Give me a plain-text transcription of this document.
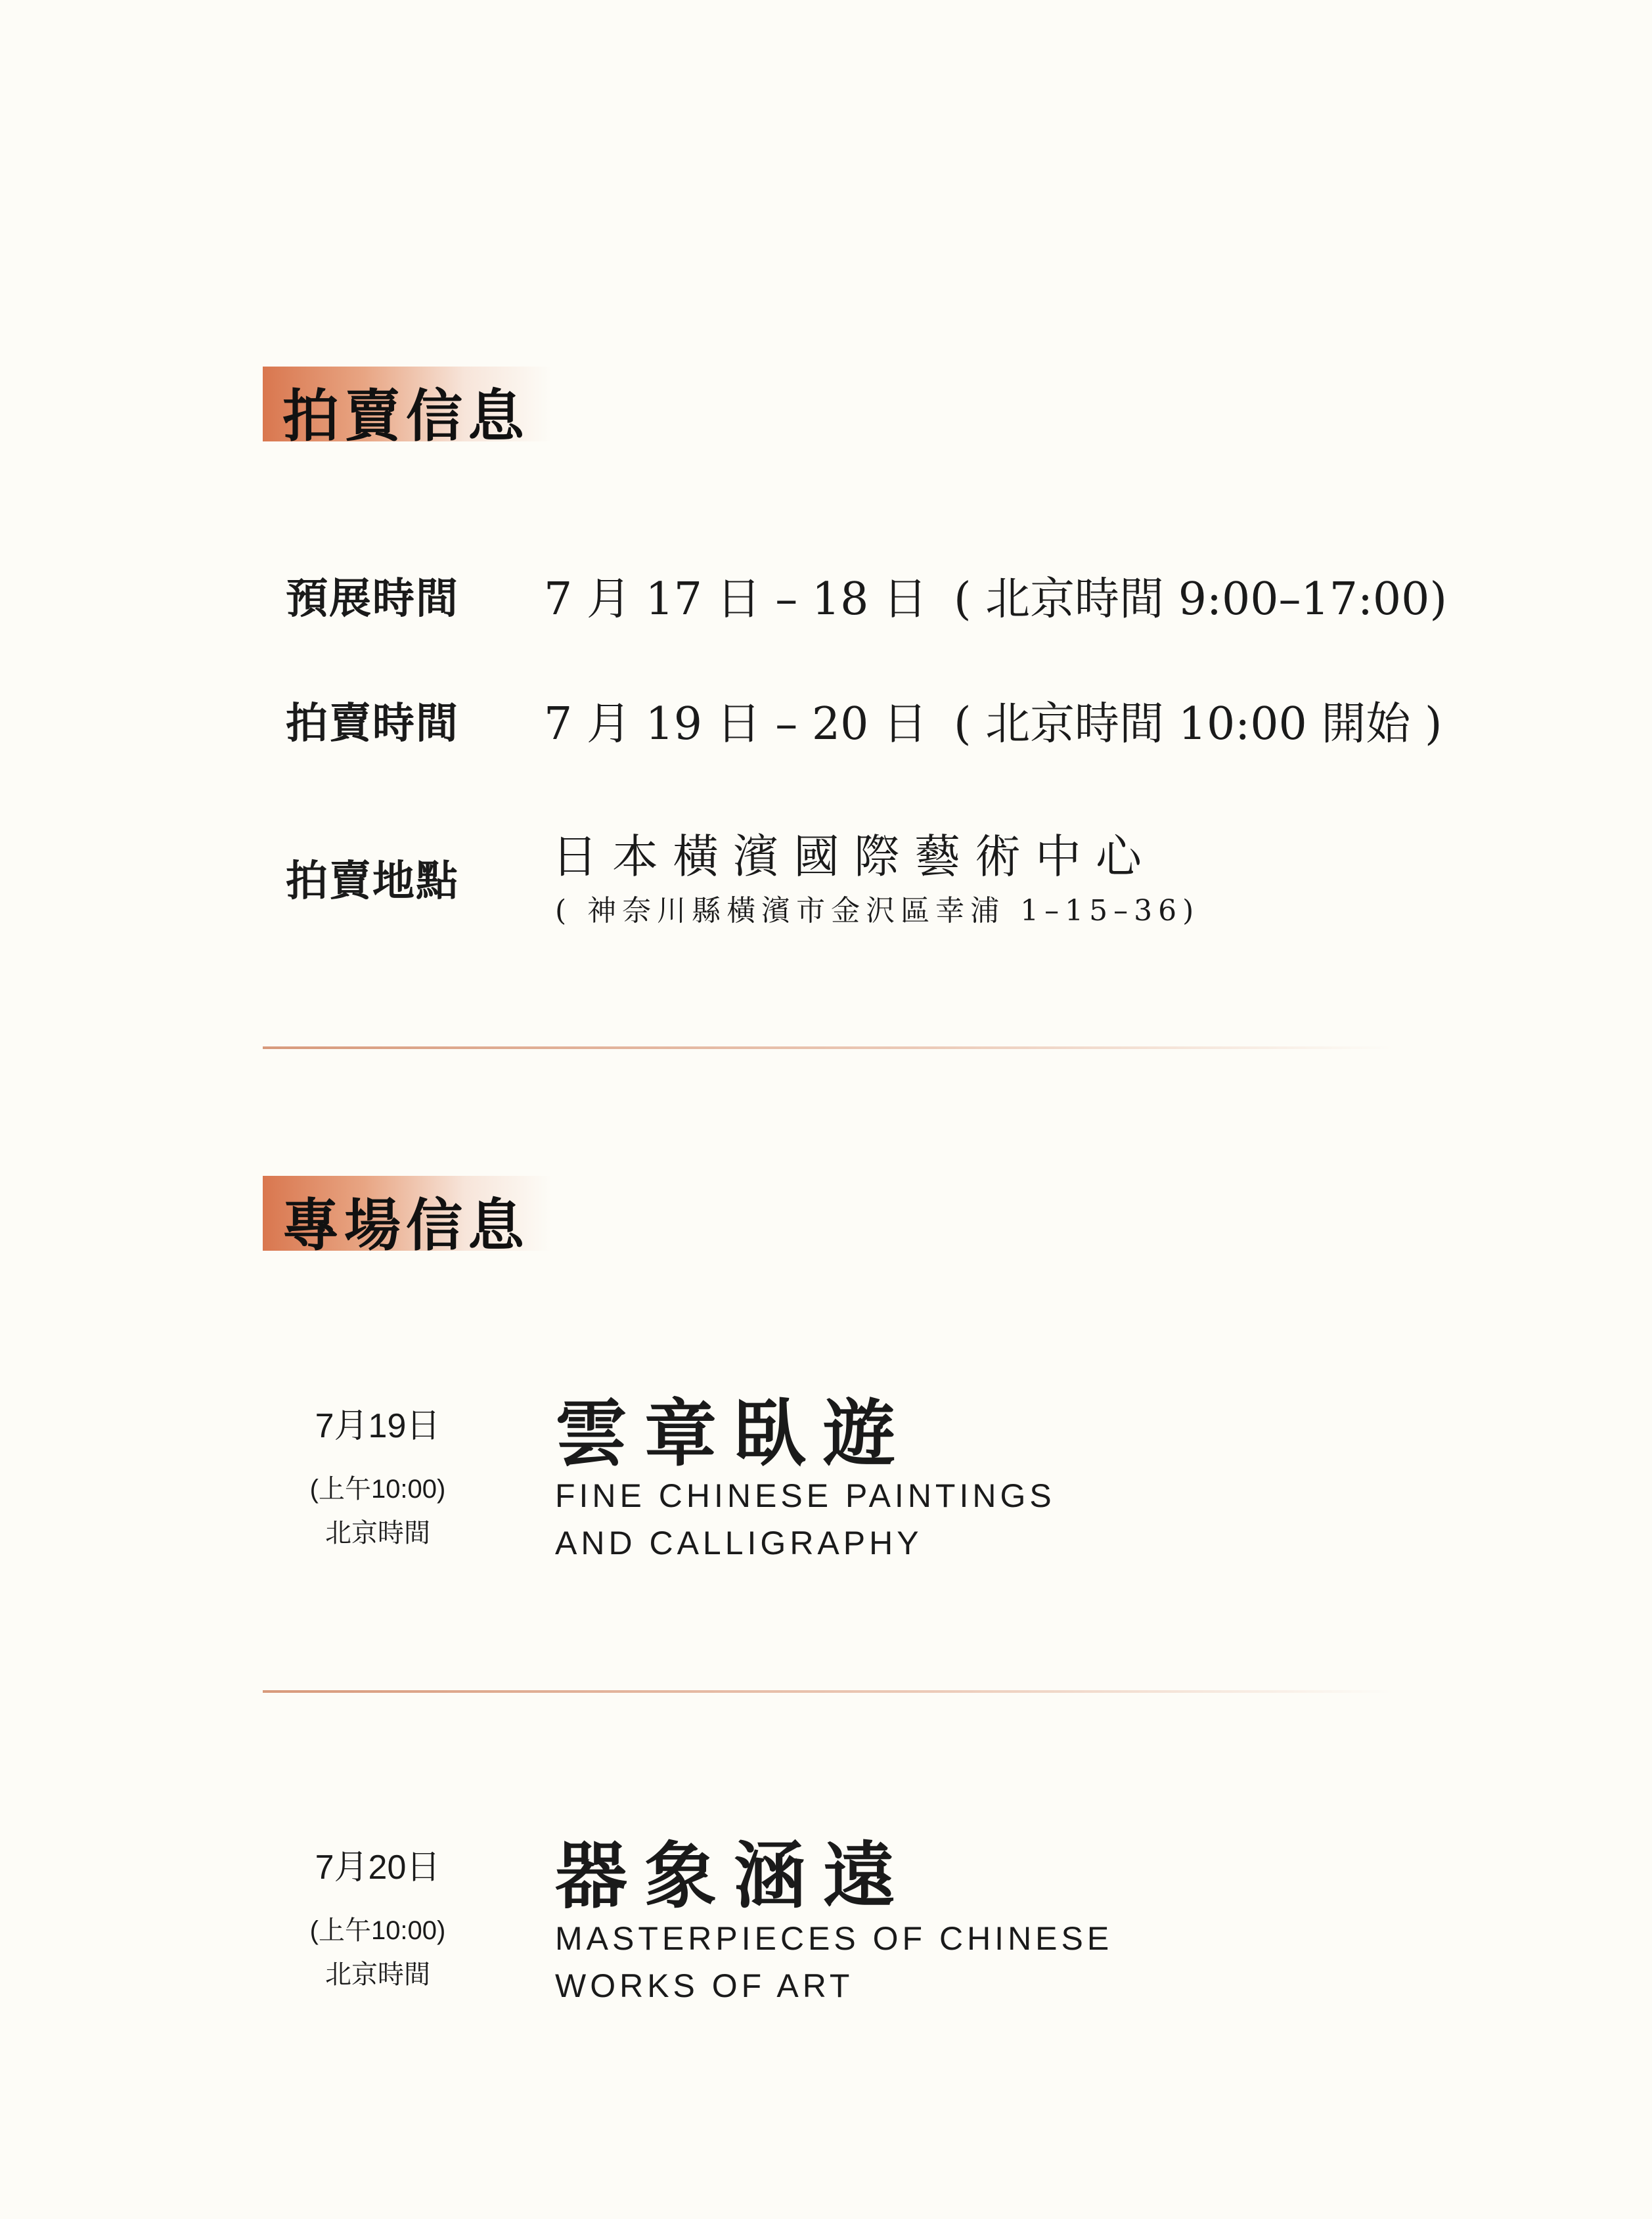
拍賣信息
預展時間 7 月 17 日 – 18 日 ( 北京時間 9:00–17:00)
拍賣時間 7 月 19 日 – 20 日 ( 北京時間 10:00 開始 )
拍賣地點 日本橫濱國際藝術中心
( 神奈川縣橫濱市金沢區幸浦 1–15–36)
專場信息
7月19日
(上午10:00)
北京時間
雲章臥遊
FINE CHINESE PAINTINGS
AND CALLIGRAPHY
7月20日
(上午10:00)
北京時間
器象涵遠
MASTERPIECES OF CHINESE
WORKS OF ART
